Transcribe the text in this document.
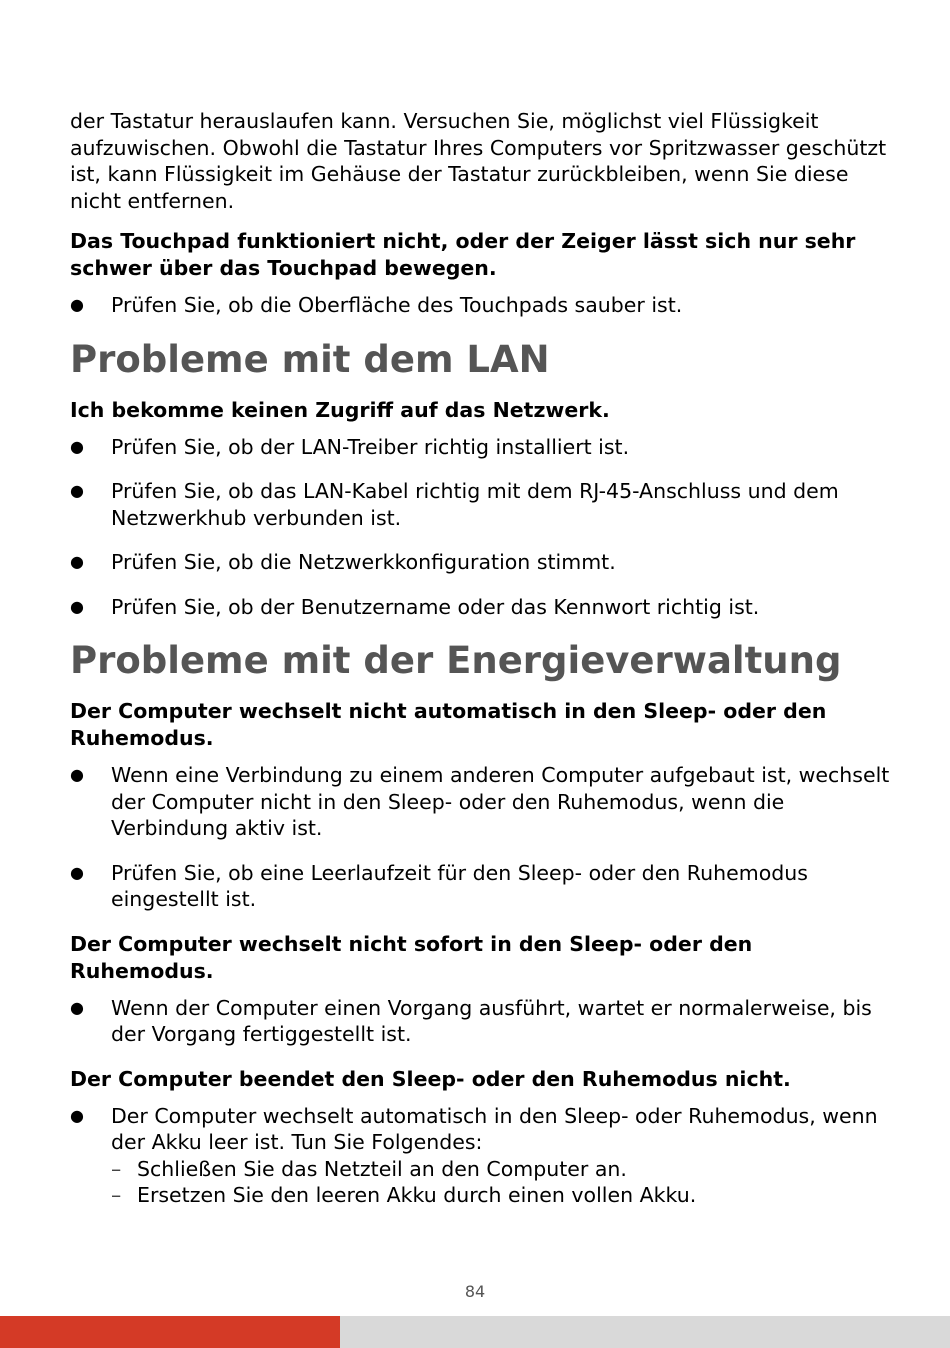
der Tastatur herauslaufen kann. Versuchen Sie, möglichst viel Flüssigkeit aufzuwischen. Obwohl die Tastatur Ihres Computers vor Spritzwasser geschützt ist, kann Flüssigkeit im Gehäuse der Tastatur zurückbleiben, wenn Sie diese nicht entfernen.

Das Touchpad funktioniert nicht, oder der Zeiger lässt sich nur sehr schwer über das Touchpad bewegen.
● Prüfen Sie, ob die Oberfläche des Touchpads sauber ist.
Probleme mit dem LAN
Ich bekomme keinen Zugriff auf das Netzwerk.
● Prüfen Sie, ob der LAN-Treiber richtig installiert ist.
● Prüfen Sie, ob das LAN-Kabel richtig mit dem RJ-45-Anschluss und dem Netzwerkhub verbunden ist.
● Prüfen Sie, ob die Netzwerkkonfiguration stimmt.
● Prüfen Sie, ob der Benutzername oder das Kennwort richtig ist.
Probleme mit der Energieverwaltung
Der Computer wechselt nicht automatisch in den Sleep- oder den Ruhemodus.
● Wenn eine Verbindung zu einem anderen Computer aufgebaut ist, wechselt der Computer nicht in den Sleep- oder den Ruhemodus, wenn die Verbindung aktiv ist.
● Prüfen Sie, ob eine Leerlaufzeit für den Sleep- oder den Ruhemodus eingestellt ist.
Der Computer wechselt nicht sofort in den Sleep- oder den Ruhemodus.
● Wenn der Computer einen Vorgang ausführt, wartet er normalerweise, bis der Vorgang fertiggestellt ist.
Der Computer beendet den Sleep- oder den Ruhemodus nicht.
● Der Computer wechselt automatisch in den Sleep- oder Ruhemodus, wenn der Akku leer ist. Tun Sie Folgendes:
– Schließen Sie das Netzteil an den Computer an.
– Ersetzen Sie den leeren Akku durch einen vollen Akku.
84
